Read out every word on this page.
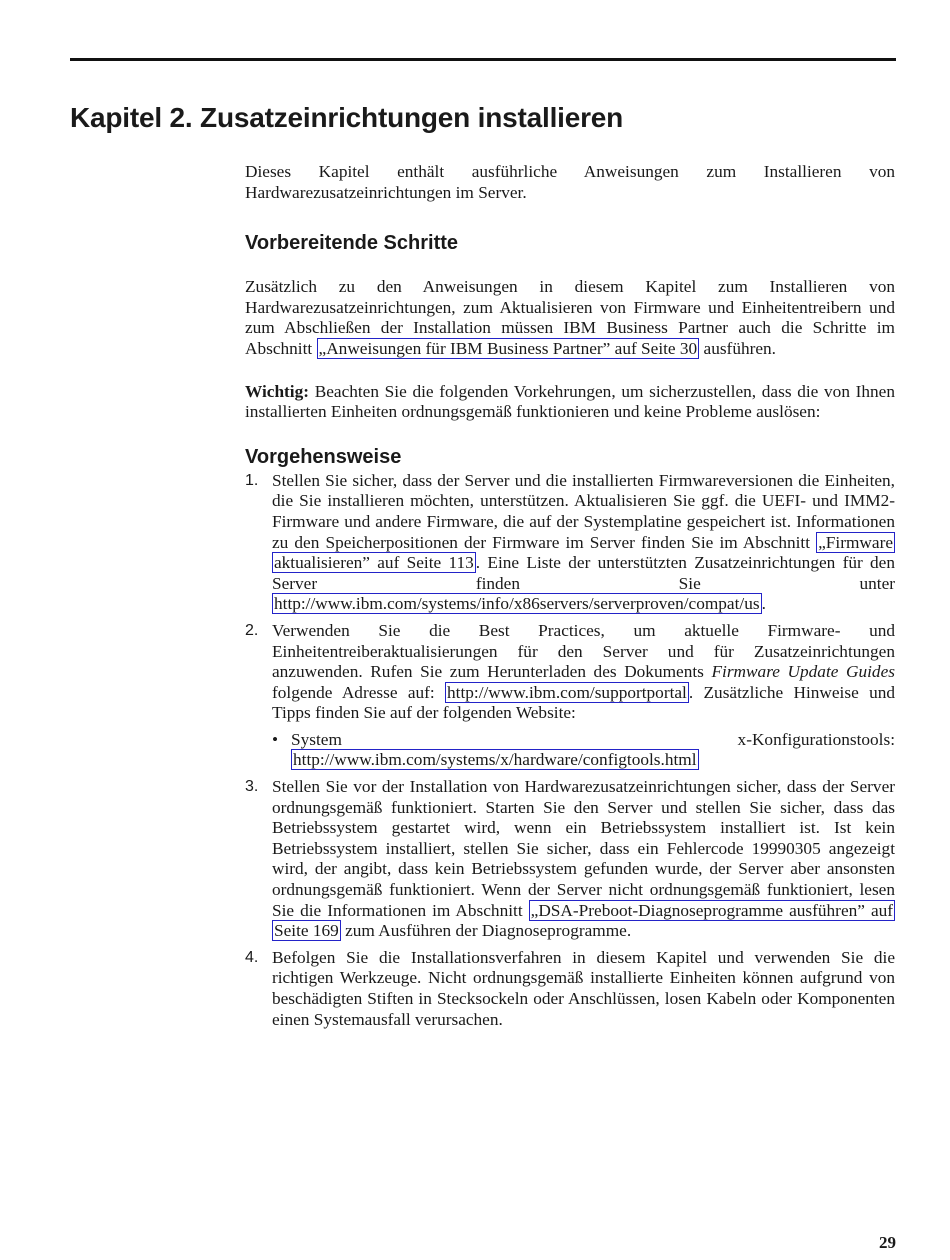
Kapitel 2. Zusatzeinrichtungen installieren

Dieses Kapitel enthält ausführliche Anweisungen zum Installieren von Hardwarezusatzeinrichtungen im Server.

Vorbereitende Schritte

Zusätzlich zu den Anweisungen in diesem Kapitel zum Installieren von Hardwarezusatzeinrichtungen, zum Aktualisieren von Firmware und Einheitentreibern und zum Abschließen der Installation müssen IBM Business Partner auch die Schritte im Abschnitt „Anweisungen für IBM Business Partner” auf Seite 30 ausführen.

Wichtig: Beachten Sie die folgenden Vorkehrungen, um sicherzustellen, dass die von Ihnen installierten Einheiten ordnungsgemäß funktionieren und keine Probleme auslösen:

Vorgehensweise
1. Stellen Sie sicher, dass der Server und die installierten Firmwareversionen die Einheiten, die Sie installieren möchten, unterstützen. Aktualisieren Sie ggf. die UEFI- und IMM2-Firmware und andere Firmware, die auf der Systemplatine gespeichert ist. Informationen zu den Speicherpositionen der Firmware im Server finden Sie im Abschnitt „Firmware aktualisieren” auf Seite 113 . Eine Liste der unterstützten Zusatzeinrichtungen für den Server finden Sie unter http://www.ibm.com/systems/info/x86servers/serverproven/compat/us .
2. Verwenden Sie die Best Practices, um aktuelle Firmware- und Einheitentreiberaktualisierungen für den Server und für Zusatzeinrichtungen anzuwenden. Rufen Sie zum Herunterladen des Dokuments Firmware Update Guides folgende Adresse auf: http://www.ibm.com/supportportal . Zusätzliche Hinweise und Tipps finden Sie auf der folgenden Website:
• System x-Konfigurationstools: http://www.ibm.com/systems/x/hardware/configtools.html
3. Stellen Sie vor der Installation von Hardwarezusatzeinrichtungen sicher, dass der Server ordnungsgemäß funktioniert. Starten Sie den Server und stellen Sie sicher, dass das Betriebssystem gestartet wird, wenn ein Betriebssystem installiert ist. Ist kein Betriebssystem installiert, stellen Sie sicher, dass ein Fehlercode 19990305 angezeigt wird, der angibt, dass kein Betriebssystem gefunden wurde, der Server aber ansonsten ordnungsgemäß funktioniert. Wenn der Server nicht ordnungsgemäß funktioniert, lesen Sie die Informationen im Abschnitt „DSA-Preboot-Diagnoseprogramme ausführen” auf Seite 169 zum Ausführen der Diagnoseprogramme.
4. Befolgen Sie die Installationsverfahren in diesem Kapitel und verwenden Sie die richtigen Werkzeuge. Nicht ordnungsgemäß installierte Einheiten können aufgrund von beschädigten Stiften in Stecksockeln oder Anschlüssen, losen Kabeln oder Komponenten einen Systemausfall verursachen.
29
